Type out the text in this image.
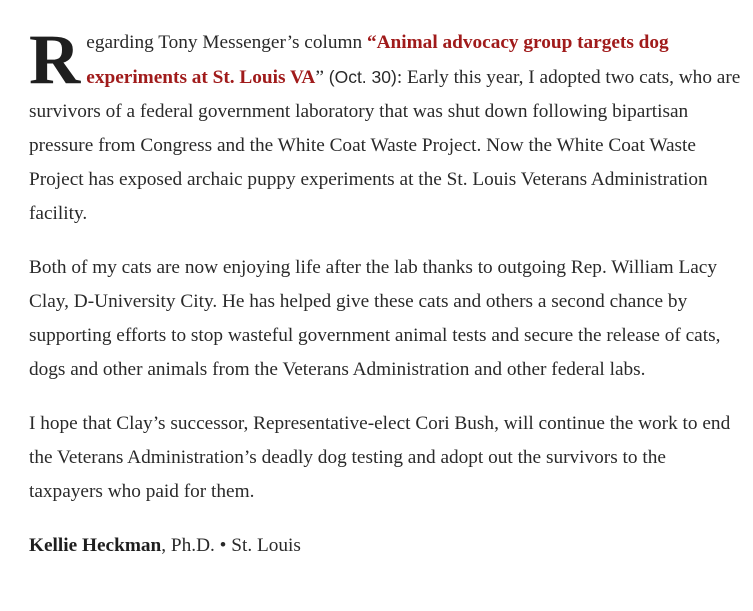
Regarding Tony Messenger’s column “Animal advocacy group targets dog experiments at St. Louis VA” (Oct. 30): Early this year, I adopted two cats, who are survivors of a federal government laboratory that was shut down following bipartisan pressure from Congress and the White Coat Waste Project. Now the White Coat Waste Project has exposed archaic puppy experiments at the St. Louis Veterans Administration facility.

Both of my cats are now enjoying life after the lab thanks to outgoing Rep. William Lacy Clay, D-University City. He has helped give these cats and others a second chance by supporting efforts to stop wasteful government animal tests and secure the release of cats, dogs and other animals from the Veterans Administration and other federal labs.

I hope that Clay’s successor, Representative-elect Cori Bush, will continue the work to end the Veterans Administration’s deadly dog testing and adopt out the survivors to the taxpayers who paid for them.

Kellie Heckman, Ph.D. • St. Louis
